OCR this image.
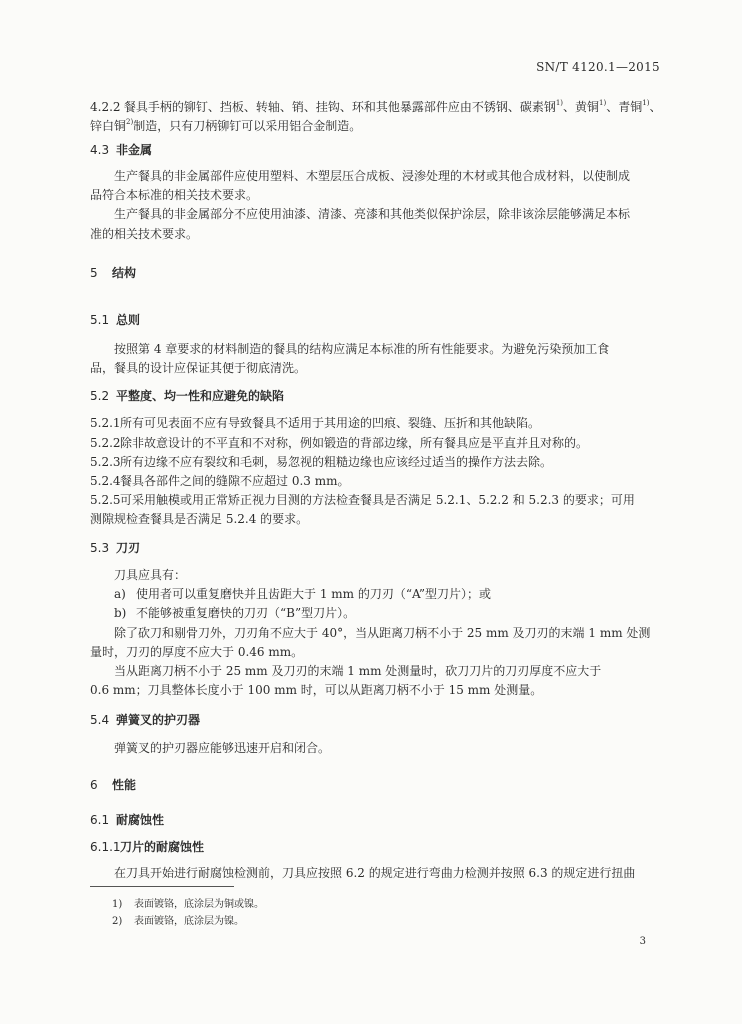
SN/T 4120.1—2015
4.2.2 餐具手柄的铆钉、挡板、转轴、销、挂钩、环和其他暴露部件应由不锈钢、碳素钢$^{1)}$、黄铜$^{1)}$、青铜$^{1)}$、
锌白铜$^{2)}$制造，只有刀柄铆钉可以采用铝合金制造。
4.3 非金属
生产餐具的非金属部件应使用塑料、木塑层压合成板、浸渗处理的木材或其他合成材料，以使制成
品符合本标准的相关技术要求。
生产餐具的非金属部分不应使用油漆、清漆、亮漆和其他类似保护涂层，除非该涂层能够满足本标
准的相关技术要求。
5 结构
5.1 总则
按照第 4 章要求的材料制造的餐具的结构应满足本标准的所有性能要求。为避免污染预加工食
品，餐具的设计应保证其便于彻底清洗。
5.2 平整度、均一性和应避免的缺陷
5.2.1所有可见表面不应有导致餐具不适用于其用途的凹痕、裂缝、压折和其他缺陷。
5.2.2除非故意设计的不平直和不对称，例如锻造的背部边缘，所有餐具应是平直并且对称的。
5.2.3所有边缘不应有裂纹和毛刺，易忽视的粗糙边缘也应该经过适当的操作方法去除。
5.2.4餐具各部件之间的缝隙不应超过 0.3 mm。
5.2.5可采用触模或用正常矫正视力目测的方法检查餐具是否满足 5.2.1、5.2.2 和 5.2.3 的要求；可用
测隙规检查餐具是否满足 5.2.4 的要求。
5.3 刀刃
刀具应具有：
a) 使用者可以重复磨快并且齿距大于 1 mm 的刀刃（“A”型刀片）；或
b) 不能够被重复磨快的刀刃（“B”型刀片）。
除了砍刀和剔骨刀外，刀刃角不应大于 40°，当从距离刀柄不小于 25 mm 及刀刃的末端 1 mm 处测
量时，刀刃的厚度不应大于 0.46 mm。
当从距离刀柄不小于 25 mm 及刀刃的末端 1 mm 处测量时，砍刀刀片的刀刃厚度不应大于
0.6 mm；刀具整体长度小于 100 mm 时，可以从距离刀柄不小于 15 mm 处测量。
5.4 弹簧叉的护刃器
弹簧叉的护刃器应能够迅速开启和闭合。
6 性能
6.1 耐腐蚀性
6.1.1刀片的耐腐蚀性
在刀具开始进行耐腐蚀检测前，刀具应按照 6.2 的规定进行弯曲力检测并按照 6.3 的规定进行扭曲
1) 表面镀铬，底涂层为铜或镍。
2) 表面镀铬，底涂层为镍。
3
